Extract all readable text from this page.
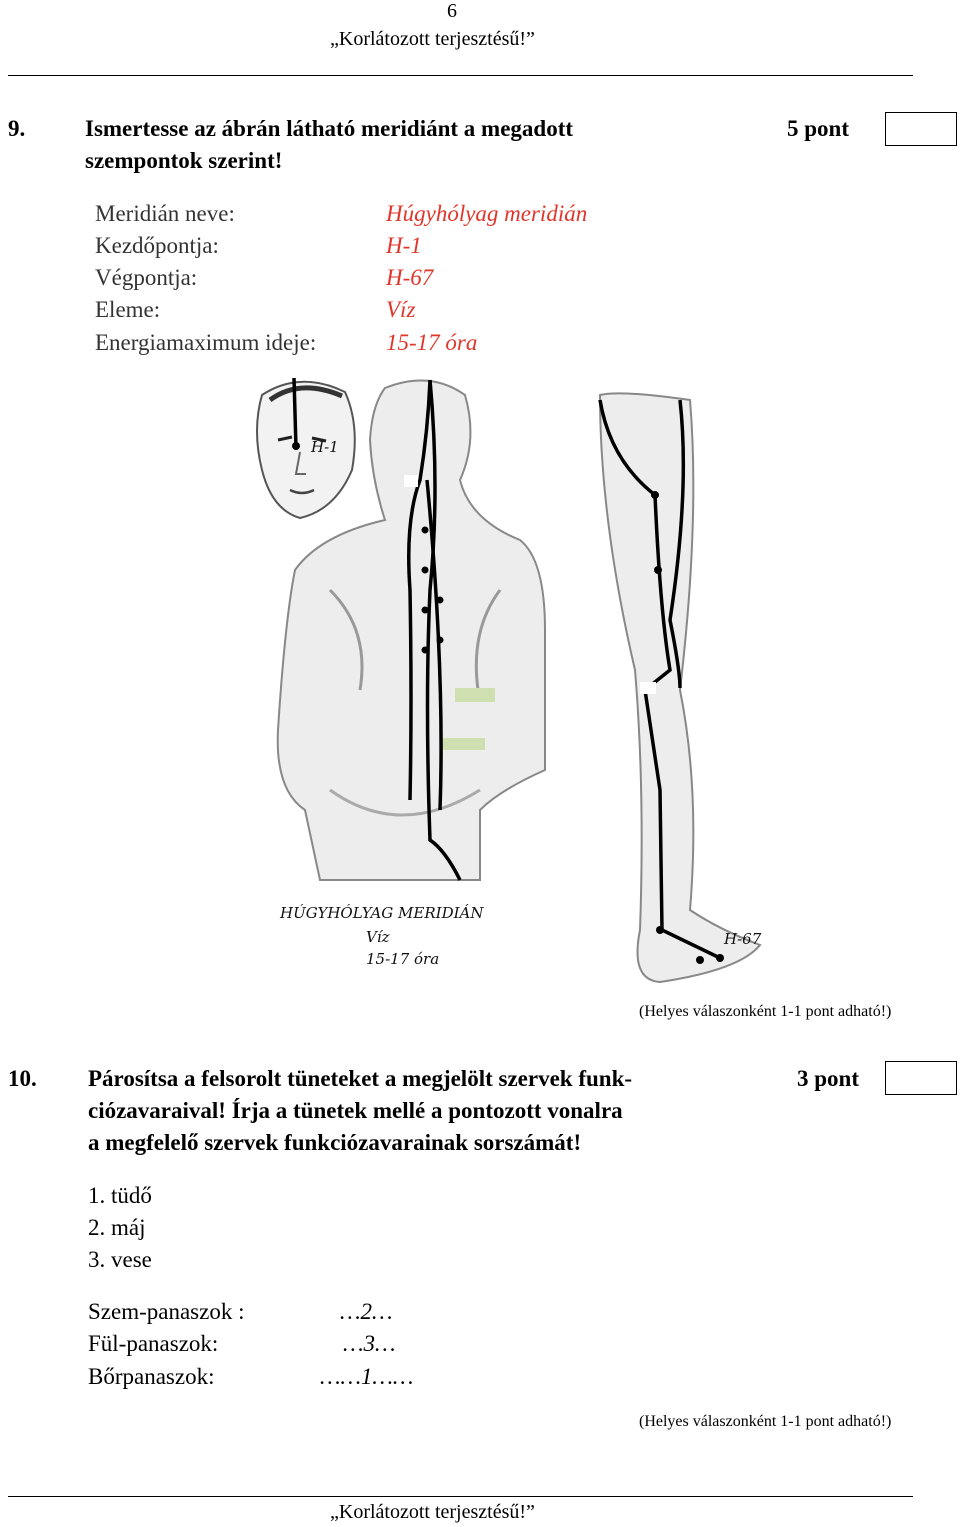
6
„Korlátozott terjesztésű!”
9.	Ismertesse az ábrán látható meridiánt a megadott
szempontok szerint!
5 pont
Meridián neve:	Húgyhólyag meridián
Kezdőpontja:	H-1
Végpontja:	H-67
Eleme:	Víz
Energiamaximum ideje:	15-17 óra
H-1
H-67
HÚGYHÓLYAG MERIDIÁN
Víz
15-17 óra
(Helyes válaszonként 1-1 pont adható!)
10. Párosítsa a felsorolt tüneteket a megjelölt szervek funk-
ciózavaraival! Írja a tünetek mellé a pontozott vonalra
a megfelelő szervek funkciózavarainak sorszámát!
3 pont
1. tüdő
2. máj
3. vese
Szem-panaszok :	…2…
Fül-panaszok:	…3…
Bőrpanaszok:	……1……
(Helyes válaszonként 1-1 pont adható!)
„Korlátozott terjesztésű!”
